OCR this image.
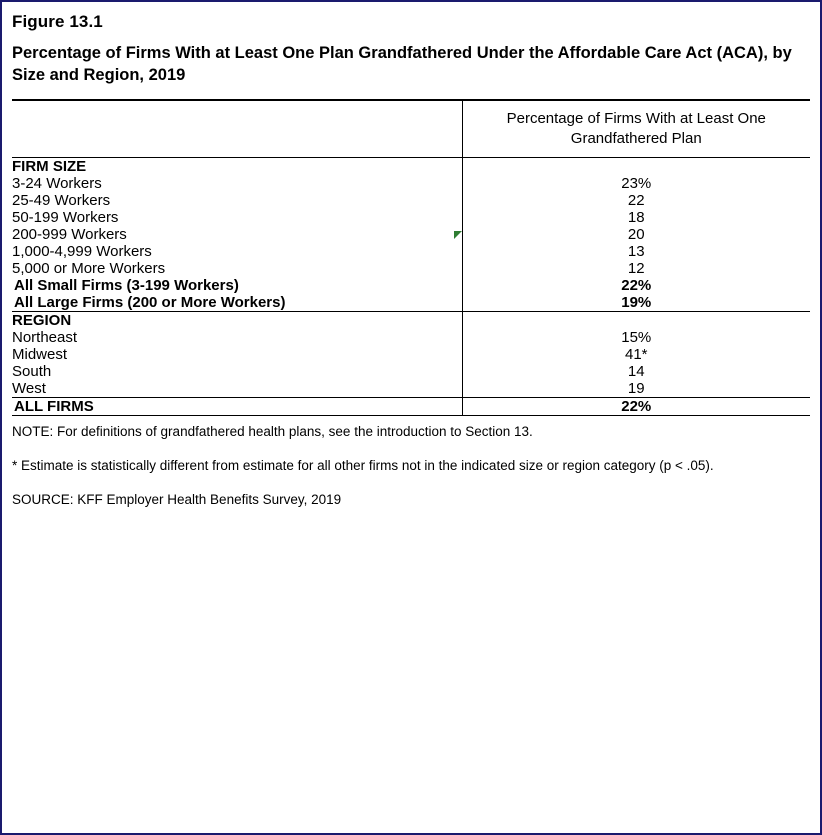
Figure 13.1
Percentage of Firms With at Least One Plan Grandfathered Under the Affordable Care Act (ACA), by Size and Region, 2019

	Percentage of Firms With at Least One Grandfathered Plan

FIRM SIZE	
3-24 Workers	23%
25-49 Workers	22
50-199 Workers	18
200-999 Workers	20
1,000-4,999 Workers	13
5,000 or More Workers	12
All Small Firms (3-199 Workers)	22%
All Large Firms (200 or More Workers)	19%

REGION	
Northeast	15%
Midwest	41*
South	14
West	19

ALL FIRMS	22%

NOTE: For definitions of grandfathered health plans, see the introduction to Section 13.

* Estimate is statistically different from estimate for all other firms not in the indicated size or region category (p < .05).

SOURCE: KFF Employer Health Benefits Survey, 2019
